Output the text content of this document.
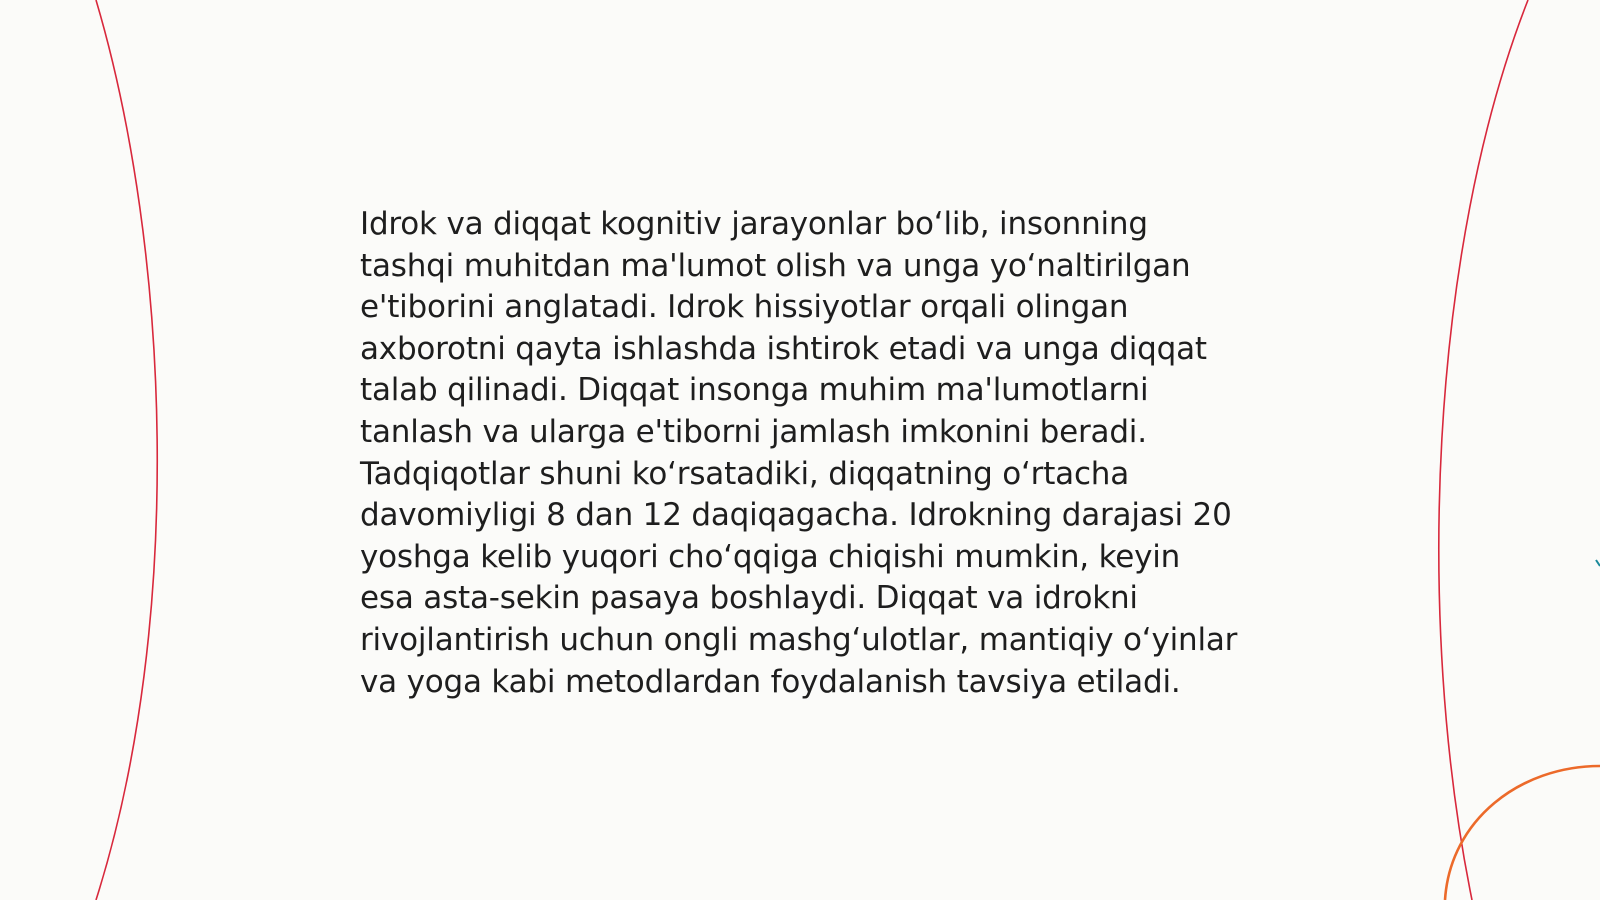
Idrok va diqqat kognitiv jarayonlar bo‘lib, insonning tashqi muhitdan ma'lumot olish va unga yo‘naltirilgan e'tiborini anglatadi. Idrok hissiyotlar orqali olingan axborotni qayta ishlashda ishtirok etadi va unga diqqat talab qilinadi. Diqqat insonga muhim ma'lumotlarni tanlash va ularga e'tiborni jamlash imkonini beradi. Tadqiqotlar shuni ko‘rsatadiki, diqqatning o‘rtacha davomiyligi 8 dan 12 daqiqagacha. Idrokning darajasi 20 yoshga kelib yuqori cho‘qqiga chiqishi mumkin, keyin esa asta-sekin pasaya boshlaydi. Diqqat va idrokni rivojlantirish uchun ongli mashg‘ulotlar, mantiqiy o‘yinlar va yoga kabi metodlardan foydalanish tavsiya etiladi.
